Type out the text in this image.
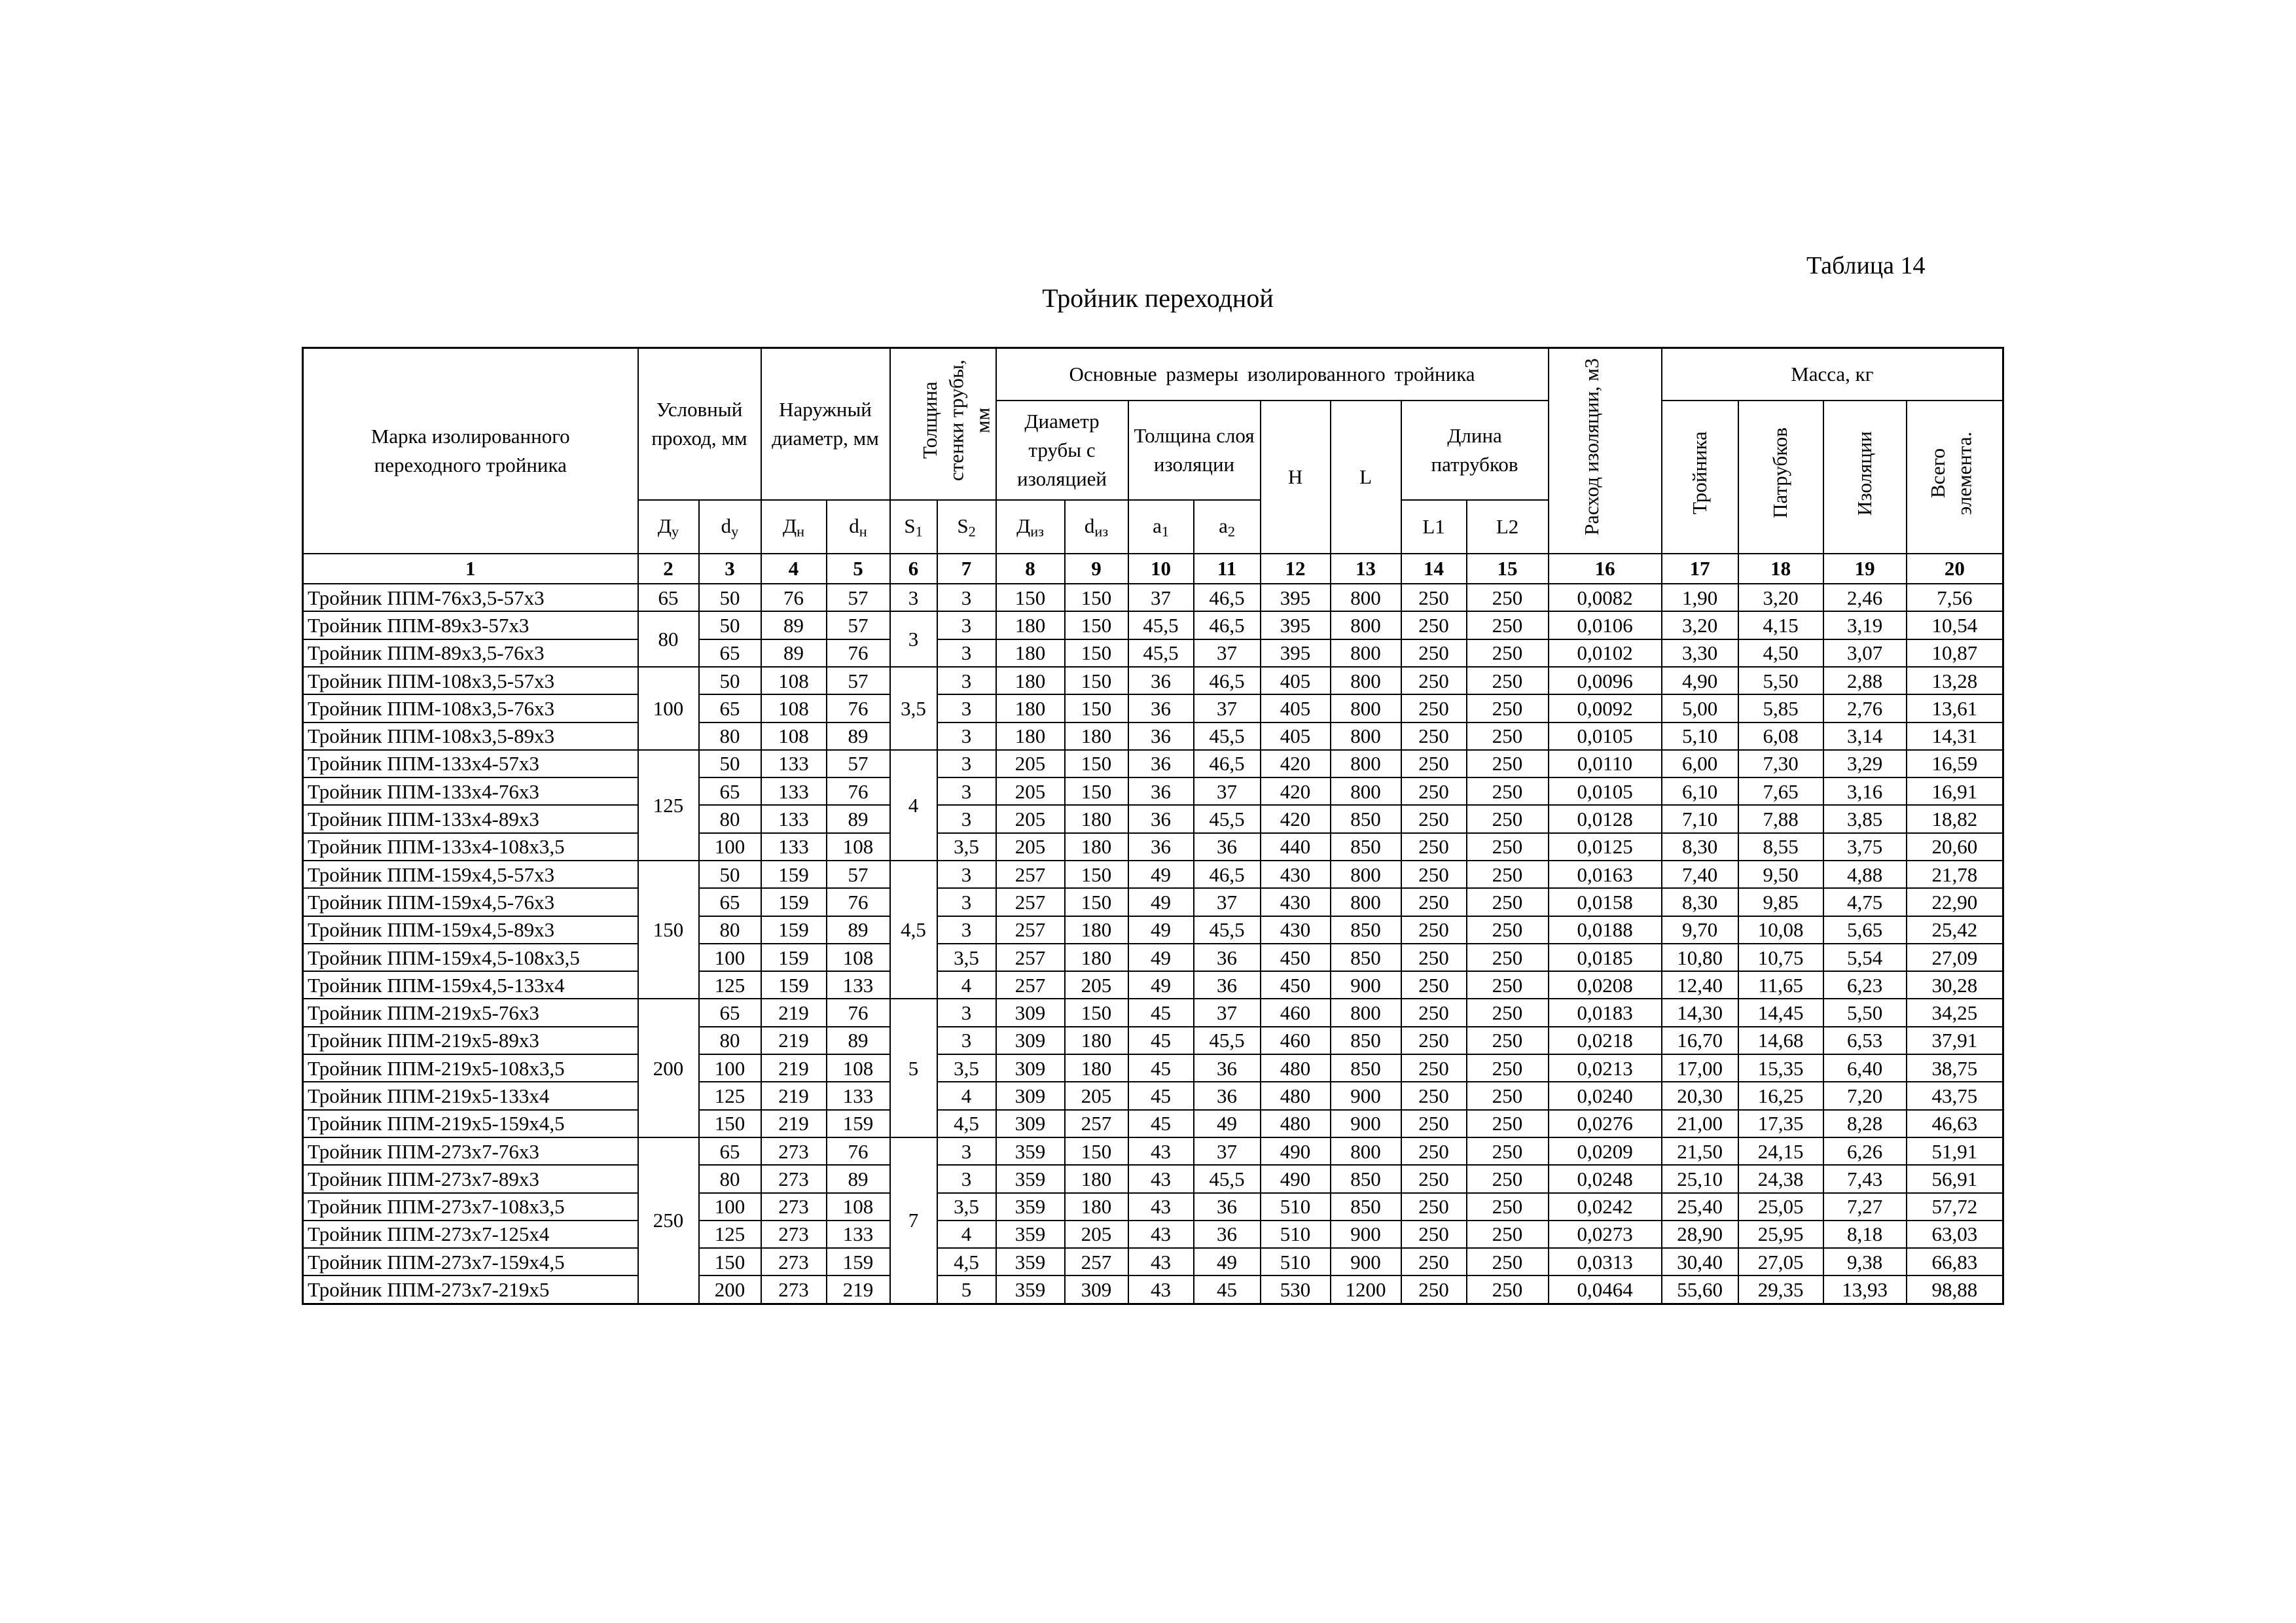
Таблица 14
Тройник переходной
Марка изолированного переходного тройника	Условный проход, мм		Наружный диаметр, мм		Толщина стенки трубы, мм		Основные размеры изолированного тройника								Расход изоляции, м3	Масса, кг			
							Диаметр трубы с изоляцией		Толщина слоя изоляции		H	L	Длина патрубков			Тройника	Патрубков	Изоляции	Всего элемента.
	$Д_у$	$d_у$	$Д_н$	$d_н$	$S_1$	$S_2$	$Д_{из}$	$d_{из}$	$a_1$	$a_2$			L1	L2					
1	2	3	4	5	6	7	8	9	10	11	12	13	14	15	16	17	18	19	20
Тройник ППМ-76х3,5-57х3	65	50	76	57	3	3	150	150	37	46,5	395	800	250	250	0,0082	1,90	3,20	2,46	7,56
Тройник ППМ-89х3-57х3	80	50	89	57	3	3	180	150	45,5	46,5	395	800	250	250	0,0106	3,20	4,15	3,19	10,54
Тройник ППМ-89х3,5-76х3		65	89	76		3	180	150	45,5	37	395	800	250	250	0,0102	3,30	4,50	3,07	10,87
Тройник ППМ-108х3,5-57х3	100	50	108	57	3,5	3	180	150	36	46,5	405	800	250	250	0,0096	4,90	5,50	2,88	13,28
Тройник ППМ-108х3,5-76х3		65	108	76		3	180	150	36	37	405	800	250	250	0,0092	5,00	5,85	2,76	13,61
Тройник ППМ-108х3,5-89х3		80	108	89		3	180	180	36	45,5	405	800	250	250	0,0105	5,10	6,08	3,14	14,31
Тройник ППМ-133х4-57х3	125	50	133	57	4	3	205	150	36	46,5	420	800	250	250	0,0110	6,00	7,30	3,29	16,59
Тройник ППМ-133х4-76х3		65	133	76		3	205	150	36	37	420	800	250	250	0,0105	6,10	7,65	3,16	16,91
Тройник ППМ-133х4-89х3		80	133	89		3	205	180	36	45,5	420	850	250	250	0,0128	7,10	7,88	3,85	18,82
Тройник ППМ-133х4-108х3,5		100	133	108		3,5	205	180	36	36	440	850	250	250	0,0125	8,30	8,55	3,75	20,60
Тройник ППМ-159х4,5-57х3	150	50	159	57	4,5	3	257	150	49	46,5	430	800	250	250	0,0163	7,40	9,50	4,88	21,78
Тройник ППМ-159х4,5-76х3		65	159	76		3	257	150	49	37	430	800	250	250	0,0158	8,30	9,85	4,75	22,90
Тройник ППМ-159х4,5-89х3		80	159	89		3	257	180	49	45,5	430	850	250	250	0,0188	9,70	10,08	5,65	25,42
Тройник ППМ-159х4,5-108х3,5		100	159	108		3,5	257	180	49	36	450	850	250	250	0,0185	10,80	10,75	5,54	27,09
Тройник ППМ-159х4,5-133х4		125	159	133		4	257	205	49	36	450	900	250	250	0,0208	12,40	11,65	6,23	30,28
Тройник ППМ-219х5-76х3	200	65	219	76	5	3	309	150	45	37	460	800	250	250	0,0183	14,30	14,45	5,50	34,25
Тройник ППМ-219х5-89х3		80	219	89		3	309	180	45	45,5	460	850	250	250	0,0218	16,70	14,68	6,53	37,91
Тройник ППМ-219х5-108х3,5		100	219	108		3,5	309	180	45	36	480	850	250	250	0,0213	17,00	15,35	6,40	38,75
Тройник ППМ-219х5-133х4		125	219	133		4	309	205	45	36	480	900	250	250	0,0240	20,30	16,25	7,20	43,75
Тройник ППМ-219х5-159х4,5		150	219	159		4,5	309	257	45	49	480	900	250	250	0,0276	21,00	17,35	8,28	46,63
Тройник ППМ-273х7-76х3	250	65	273	76	7	3	359	150	43	37	490	800	250	250	0,0209	21,50	24,15	6,26	51,91
Тройник ППМ-273х7-89х3		80	273	89		3	359	180	43	45,5	490	850	250	250	0,0248	25,10	24,38	7,43	56,91
Тройник ППМ-273х7-108х3,5		100	273	108		3,5	359	180	43	36	510	850	250	250	0,0242	25,40	25,05	7,27	57,72
Тройник ППМ-273х7-125х4		125	273	133		4	359	205	43	36	510	900	250	250	0,0273	28,90	25,95	8,18	63,03
Тройник ППМ-273х7-159х4,5		150	273	159		4,5	359	257	43	49	510	900	250	250	0,0313	30,40	27,05	9,38	66,83
Тройник ППМ-273х7-219х5		200	273	219		5	359	309	43	45	530	1200	250	250	0,0464	55,60	29,35	13,93	98,88
